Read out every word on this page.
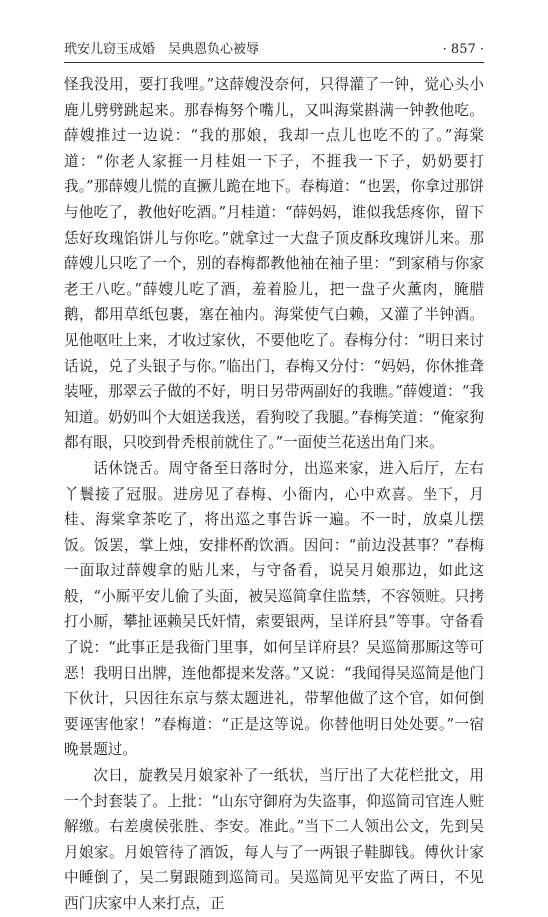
玳安儿窃玉成婚　吴典恩负心被辱	· 857 ·

怪我没用，要打我哩。”这薛嫂没奈何，只得灌了一钟，觉心头小鹿儿劈劈跳起来。那春梅努个嘴儿，又叫海棠斟满一钟教他吃。薛嫂推过一边说：“我的那娘，我却一点儿也吃不的了。”海棠道：“你老人家捱一月桂姐一下子，不捱我一下子，奶奶要打我。”那薛嫂儿慌的直撅儿跪在地下。春梅道：“也罢，你拿过那饼与他吃了，教他好吃酒。”月桂道：“薛妈妈，谁似我恁疼你，留下恁好玫瑰馅饼儿与你吃。”就拿过一大盘子顶皮酥玫瑰饼儿来。那薛嫂儿只吃了一个，别的春梅都教他袖在袖子里：“到家稍与你家老王八吃。”薛嫂儿吃了酒，羞着脸儿，把一盘子火薰肉，腌腊鹅，都用草纸包裹，塞在袖内。海棠使气白赖，又灌了半钟酒。见他呕吐上来，才收过家伙，不要他吃了。春梅分付：“明日来讨话说，兑了头银子与你。”临出门，春梅又分付：“妈妈，你休推聋装哑，那翠云子做的不好，明日另带两副好的我瞧。”薛嫂道：“我知道。奶奶叫个大姐送我送，看狗咬了我腿。”春梅笑道：“俺家狗都有眼，只咬到骨秃根前就住了。”一面使兰花送出角门来。

话休饶舌。周守备至日落时分，出巡来家，进入后厅，左右丫鬟接了冠服。进房见了春梅、小衙内，心中欢喜。坐下，月桂、海棠拿茶吃了，将出巡之事告诉一遍。不一时，放桌儿摆饭。饭罢，掌上烛，安排杯酌饮酒。因问：“前边没甚事？”春梅一面取过薛嫂拿的贴儿来，与守备看，说吴月娘那边，如此这般，“小厮平安儿偷了头面，被吴巡简拿住监禁，不容领赃。只拷打小厮，攀扯诬赖吴氏奸情，索要银两，呈详府县”等事。守备看了说：“此事正是我衙门里事，如何呈详府县？吴巡简那厮这等可恶！我明日出牌，连他都提来发落。”又说：“我闻得吴巡简是他门下伙计，只因往东京与蔡太题进礼，带挈他做了这个官，如何倒要诬害他家！”春梅道：“正是这等说。你替他明日处处要。”一宿晚景题过。

次日，旋教吴月娘家补了一纸状，当厅出了大花栏批文，用一个封套装了。上批：“山东守御府为失盗事，仰巡简司官连人赃解缴。右差虞侯张胜、李安。准此。”当下二人领出公文，先到吴月娘家。月娘管待了酒饭，每人与了一两银子鞋脚钱。傅伙计家中睡倒了，吴二舅跟随到巡简司。吴巡简见平安监了两日，不见西门庆家中人来打点，正
